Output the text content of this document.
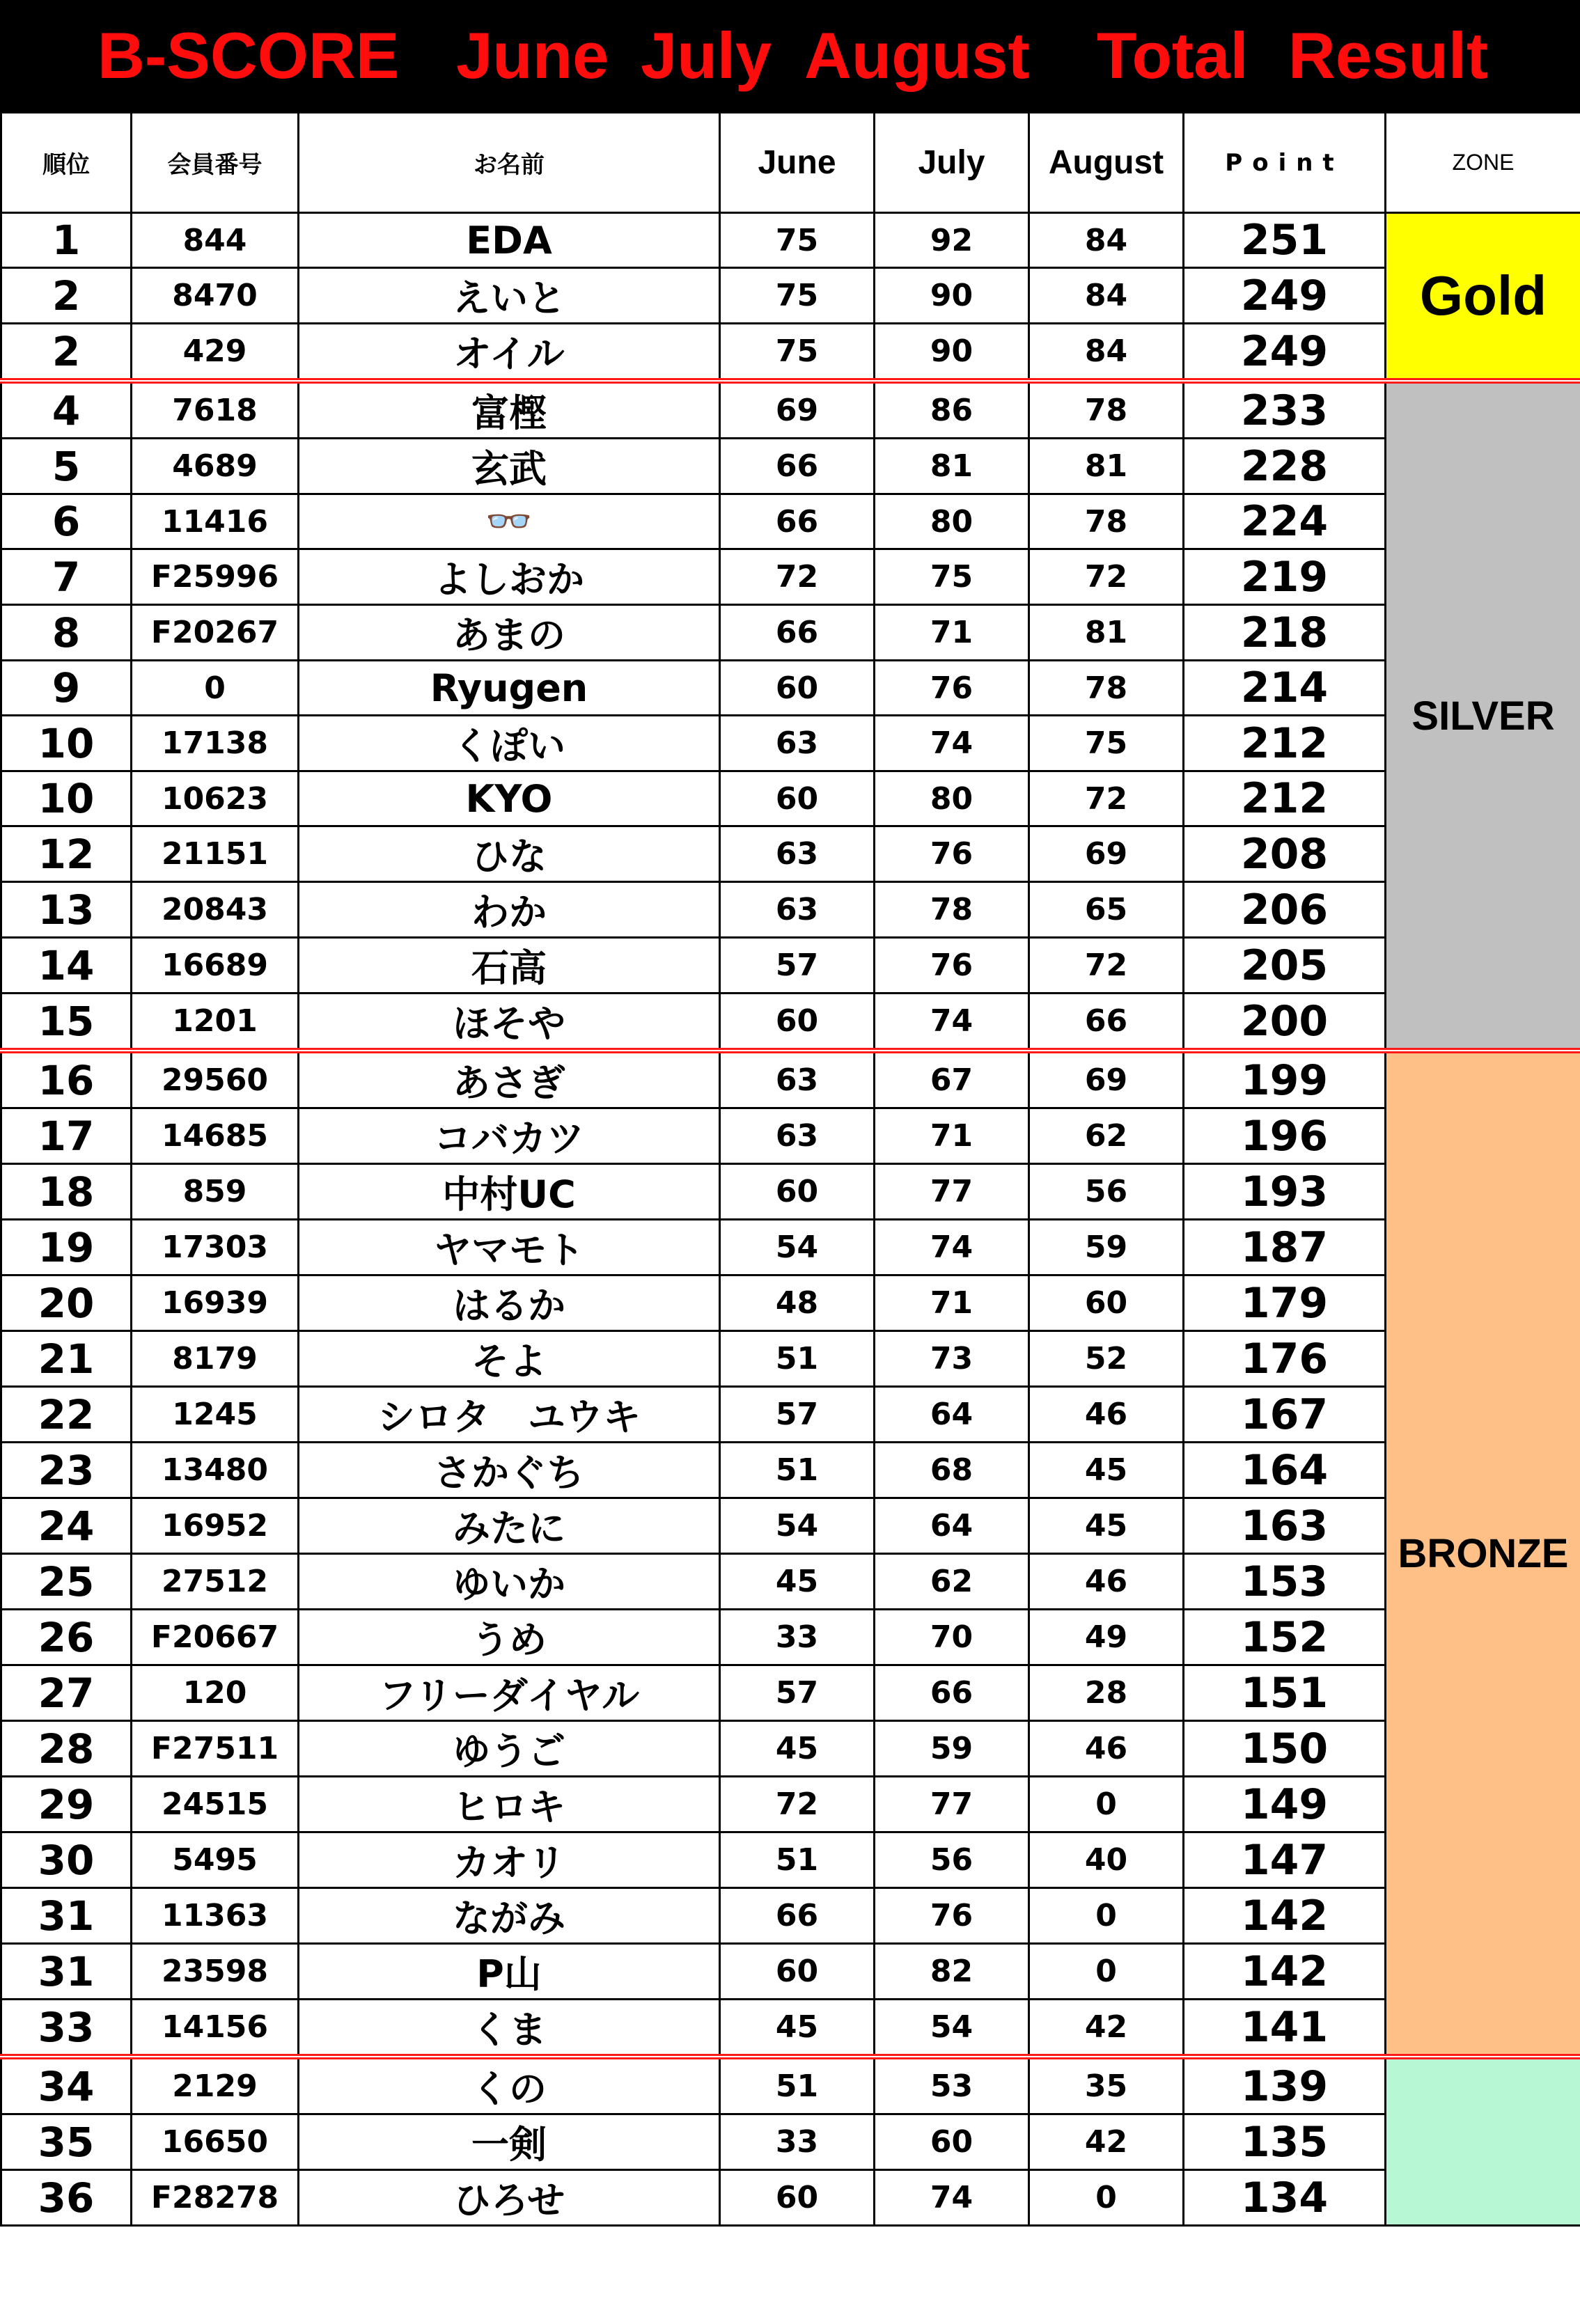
B-SCORE June July August Total Result
順位	会員番号	お名前	June	July	August	Point	ZONE
1	844	EDA	75	92	84	251	Gold
2	8470	えいと	75	90	84	249	
2	429	オイル	75	90	84	249	
4	7618	富樫	69	86	78	233	SILVER
5	4689	玄武	66	81	81	228	
6	11416	👓	66	80	78	224	
7	F25996	よしおか	72	75	72	219	
8	F20267	あまの	66	71	81	218	
9	0	Ryugen	60	76	78	214	
10	17138	くぽい	63	74	75	212	
10	10623	KYO	60	80	72	212	
12	21151	ひな	63	76	69	208	
13	20843	わか	63	78	65	206	
14	16689	石高	57	76	72	205	
15	1201	ほそや	60	74	66	200	
16	29560	あさぎ	63	67	69	199	BRONZE
17	14685	コバカツ	63	71	62	196	
18	859	中村UC	60	77	56	193	
19	17303	ヤマモト	54	74	59	187	
20	16939	はるか	48	71	60	179	
21	8179	そよ	51	73	52	176	
22	1245	シロタ　ユウキ	57	64	46	167	
23	13480	さかぐち	51	68	45	164	
24	16952	みたに	54	64	45	163	
25	27512	ゆいか	45	62	46	153	
26	F20667	うめ	33	70	49	152	
27	120	フリーダイヤル	57	66	28	151	
28	F27511	ゆうご	45	59	46	150	
29	24515	ヒロキ	72	77	0	149	
30	5495	カオリ	51	56	40	147	
31	11363	ながみ	66	76	0	142	
31	23598	P山	60	82	0	142	
33	14156	くま	45	54	42	141	
34	2129	くの	51	53	35	139	
35	16650	一剣	33	60	42	135	
36	F28278	ひろせ	60	74	0	134	
